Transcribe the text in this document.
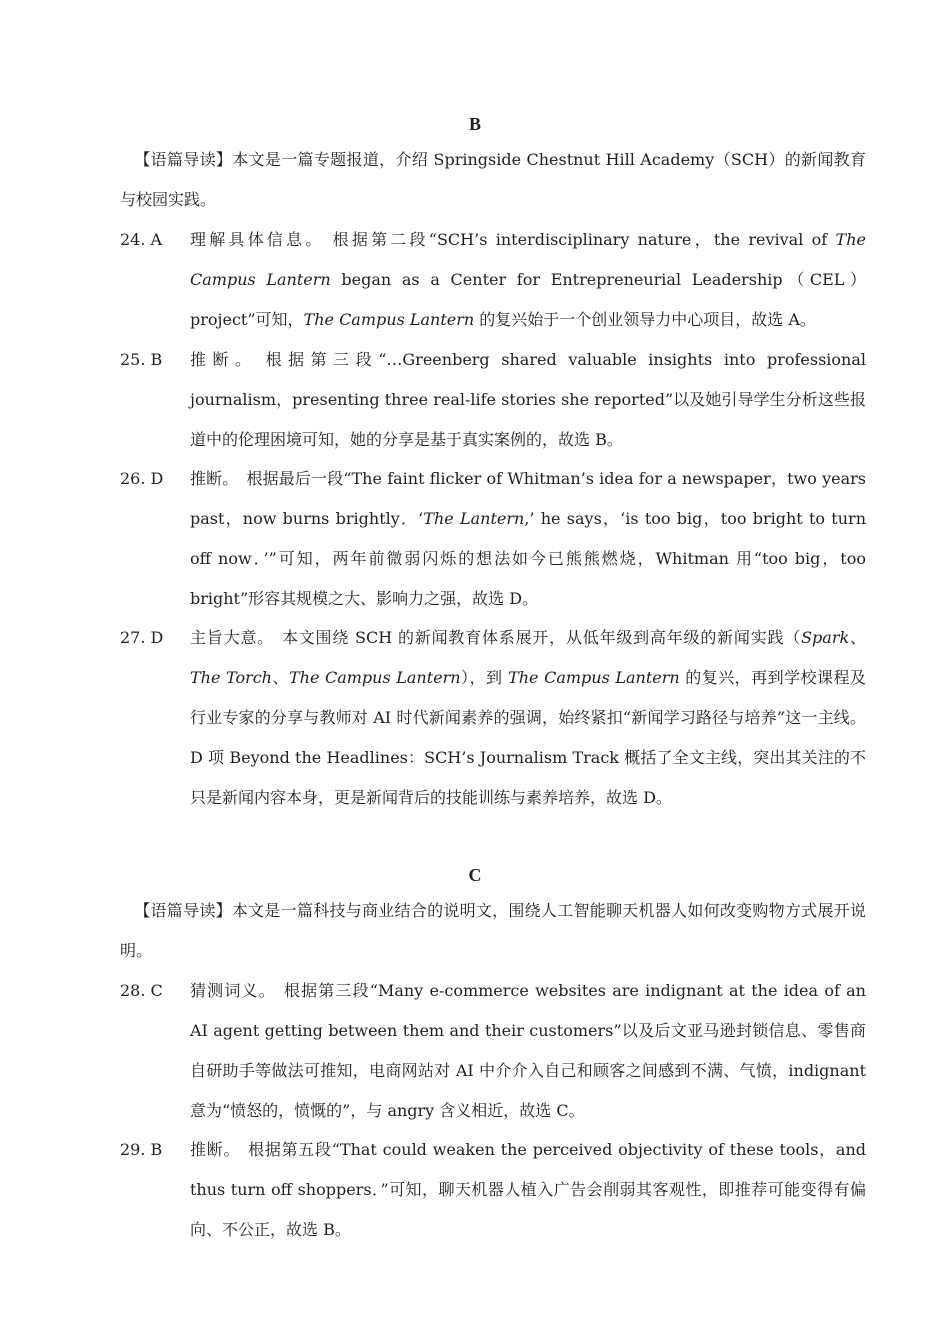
B
【语篇导读】本文是一篇专题报道，介绍 Springside Chestnut Hill Academy（SCH）的新闻教育与校园实践。
24. A	理解具体信息。 根据第二段“SCH’s interdisciplinary nature，the revival of The Campus Lantern began as a Center for Entrepreneurial Leadership（CEL）project”可知，The Campus Lantern 的复兴始于一个创业领导力中心项目，故选 A。
25. B	推断。 根据第三段“…Greenberg shared valuable insights into professional journalism，presenting three real-life stories she reported”以及她引导学生分析这些报道中的伦理困境可知，她的分享是基于真实案例的，故选 B。
26. D	推断。 根据最后一段“The faint flicker of Whitman’s idea for a newspaper，two years past，now burns brightly．‘The Lantern,’ he says，‘is too big，too bright to turn off now．’”可知，两年前微弱闪烁的想法如今已熊熊燃烧，Whitman 用“too big，too bright”形容其规模之大、影响力之强，故选 D。
27. D	主旨大意。 本文围绕 SCH 的新闻教育体系展开，从低年级到高年级的新闻实践（Spark、The Torch、The Campus Lantern），到 The Campus Lantern 的复兴，再到学校课程及行业专家的分享与教师对 AI 时代新闻素养的强调，始终紧扣“新闻学习路径与培养”这一主线。D 项 Beyond the Headlines：SCH’s Journalism Track 概括了全文主线，突出其关注的不只是新闻内容本身，更是新闻背后的技能训练与素养培养，故选 D。
C
【语篇导读】本文是一篇科技与商业结合的说明文，围绕人工智能聊天机器人如何改变购物方式展开说明。
28. C	猜测词义。 根据第三段“Many e-commerce websites are indignant at the idea of an AI agent getting between them and their customers”以及后文亚马逊封锁信息、零售商自研助手等做法可推知，电商网站对 AI 中介介入自己和顾客之间感到不满、气愤，indignant 意为“愤怒的，愤慨的”，与 angry 含义相近，故选 C。
29. B	推断。 根据第五段“That could weaken the perceived objectivity of these tools，and thus turn off shoppers．”可知，聊天机器人植入广告会削弱其客观性，即推荐可能变得有偏向、不公正，故选 B。
